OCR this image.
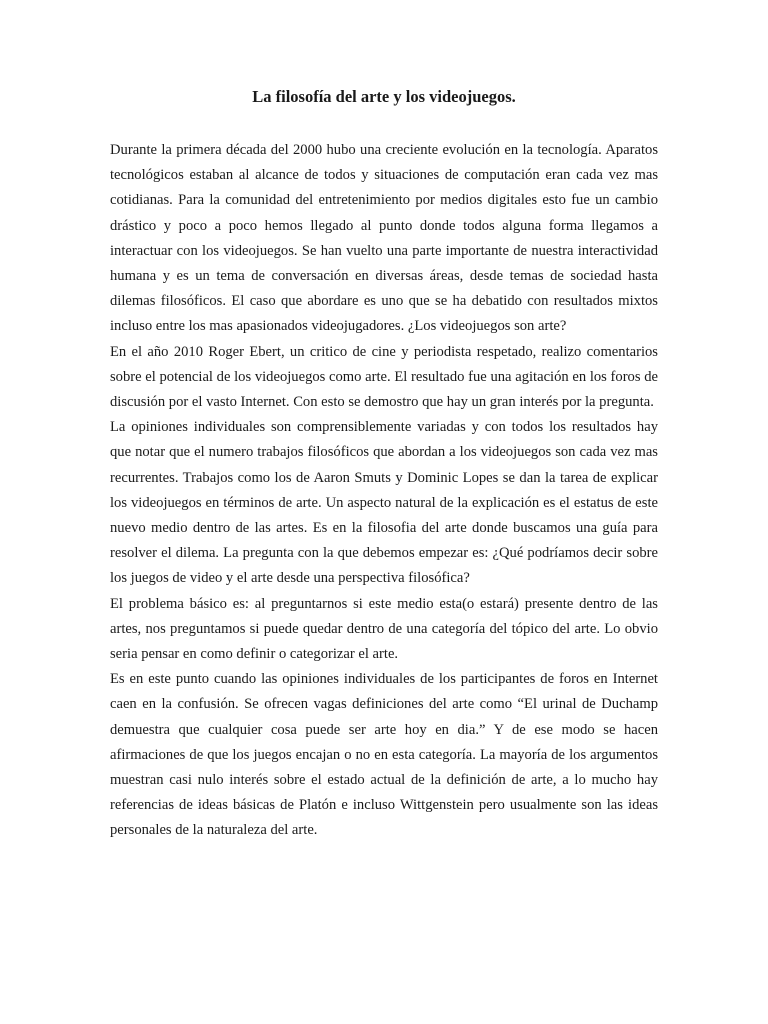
La filosofía del arte y los videojuegos.

Durante la primera década del 2000 hubo una creciente evolución en la tecnología. Aparatos tecnológicos estaban al alcance de todos y situaciones de computación eran cada vez mas cotidianas. Para la comunidad del entretenimiento por medios digitales esto fue un cambio drástico y poco a poco hemos llegado al punto donde todos alguna forma llegamos a interactuar con los videojuegos. Se han vuelto una parte importante de nuestra interactividad humana y es un tema de conversación en diversas áreas, desde temas de sociedad hasta dilemas filosóficos. El caso que abordare es uno que se ha debatido con resultados mixtos incluso entre los mas apasionados videojugadores. ¿Los videojuegos son arte?

En el año 2010 Roger Ebert, un critico de cine y periodista respetado, realizo comentarios sobre el potencial de los videojuegos como arte. El resultado fue una agitación en los foros de discusión por el vasto Internet. Con esto se demostro que hay un gran interés por la pregunta.

La opiniones individuales son comprensiblemente variadas y con todos los resultados hay que notar que el numero trabajos filosóficos que abordan a los videojuegos son cada vez mas recurrentes. Trabajos como los de Aaron Smuts y Dominic Lopes se dan la tarea de explicar los videojuegos en términos de arte. Un aspecto natural de la explicación es el estatus de este nuevo medio dentro de las artes. Es en la filosofia del arte donde buscamos una guía para resolver el dilema. La pregunta con la que debemos empezar es: ¿Qué podríamos decir sobre los juegos de video y el arte desde una perspectiva filosófica?

El problema básico es: al preguntarnos si este medio esta(o estará) presente dentro de las artes, nos preguntamos si puede quedar dentro de una categoría del tópico del arte. Lo obvio seria pensar en como definir o categorizar el arte.

Es en este punto cuando las opiniones individuales de los participantes de foros en Internet caen en la confusión. Se ofrecen vagas definiciones del arte como “El urinal de Duchamp demuestra que cualquier cosa puede ser arte hoy en dia.” Y de ese modo se hacen afirmaciones de que los juegos encajan o no en esta categoría. La mayoría de los argumentos muestran casi nulo interés sobre el estado actual de la definición de arte, a lo mucho hay referencias de ideas básicas de Platón e incluso Wittgenstein pero usualmente son las ideas personales de la naturaleza del arte.
